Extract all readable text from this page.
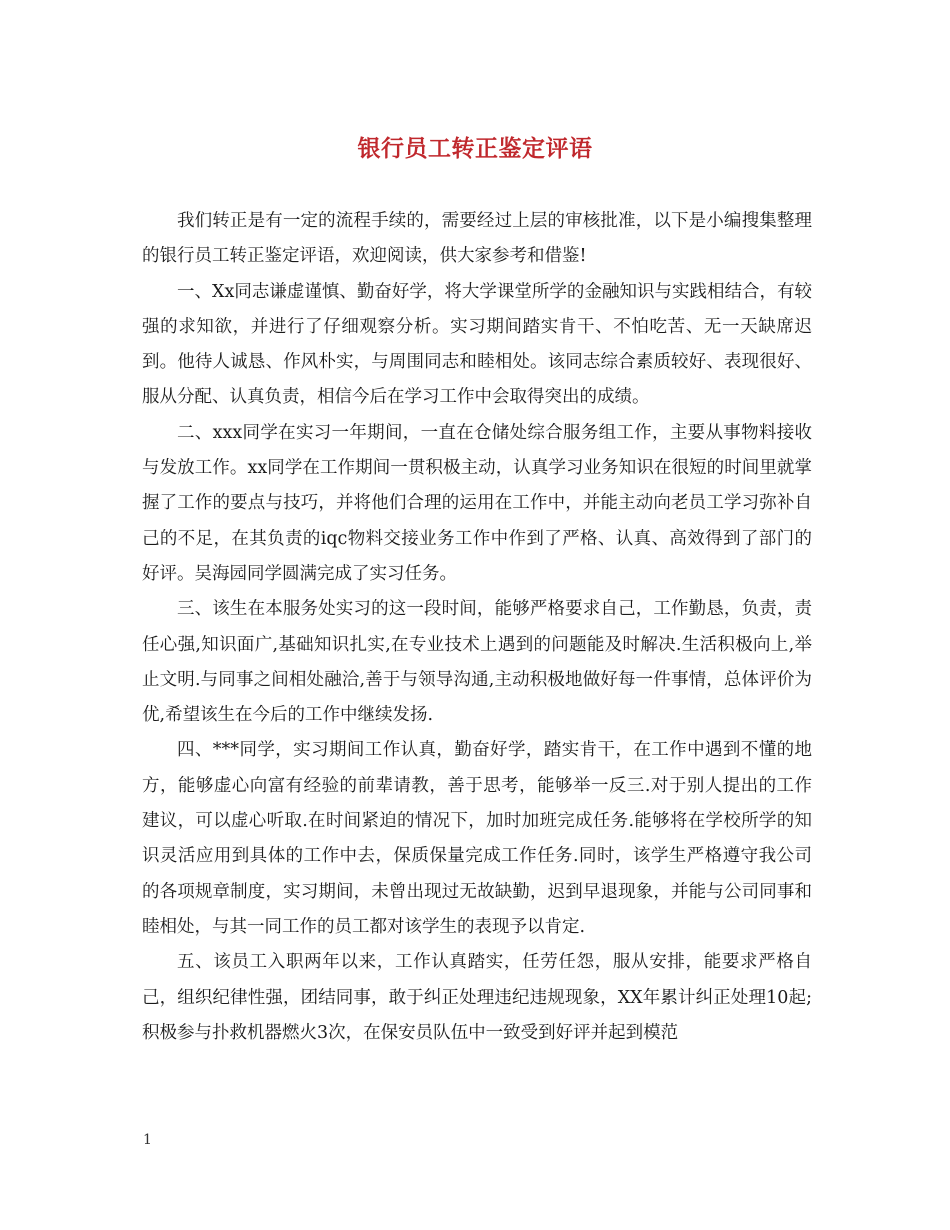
银行员工转正鉴定评语

我们转正是有一定的流程手续的，需要经过上层的审核批准，以下是小编搜集整理的银行员工转正鉴定评语，欢迎阅读，供大家参考和借鉴!

一、Xx同志谦虚谨慎、勤奋好学，将大学课堂所学的金融知识与实践相结合，有较强的求知欲，并进行了仔细观察分析。实习期间踏实肯干、不怕吃苦、无一天缺席迟到。他待人诚恳、作风朴实，与周围同志和睦相处。该同志综合素质较好、表现很好、服从分配、认真负责，相信今后在学习工作中会取得突出的成绩。

二、xxx同学在实习一年期间，一直在仓储处综合服务组工作，主要从事物料接收与发放工作。xx同学在工作期间一贯积极主动，认真学习业务知识在很短的时间里就掌握了工作的要点与技巧，并将他们合理的运用在工作中，并能主动向老员工学习弥补自己的不足，在其负责的iqc物料交接业务工作中作到了严格、认真、高效得到了部门的好评。吴海园同学圆满完成了实习任务。

三、该生在本服务处实习的这一段时间，能够严格要求自己，工作勤恳，负责，责任心强,知识面广,基础知识扎实,在专业技术上遇到的问题能及时解决.生活积极向上,举止文明.与同事之间相处融洽,善于与领导沟通,主动积极地做好每一件事情，总体评价为优,希望该生在今后的工作中继续发扬.

四、***同学，实习期间工作认真，勤奋好学，踏实肯干，在工作中遇到不懂的地方，能够虚心向富有经验的前辈请教，善于思考，能够举一反三.对于别人提出的工作建议，可以虚心听取.在时间紧迫的情况下，加时加班完成任务.能够将在学校所学的知识灵活应用到具体的工作中去，保质保量完成工作任务.同时，该学生严格遵守我公司的各项规章制度，实习期间，未曾出现过无故缺勤，迟到早退现象，并能与公司同事和睦相处，与其一同工作的员工都对该学生的表现予以肯定.

五、该员工入职两年以来，工作认真踏实，任劳任怨，服从安排，能要求严格自己，组织纪律性强，团结同事，敢于纠正处理违纪违规现象，XX年累计纠正处理10起;积极参与扑救机器燃火3次，在保安员队伍中一致受到好评并起到模范

1
